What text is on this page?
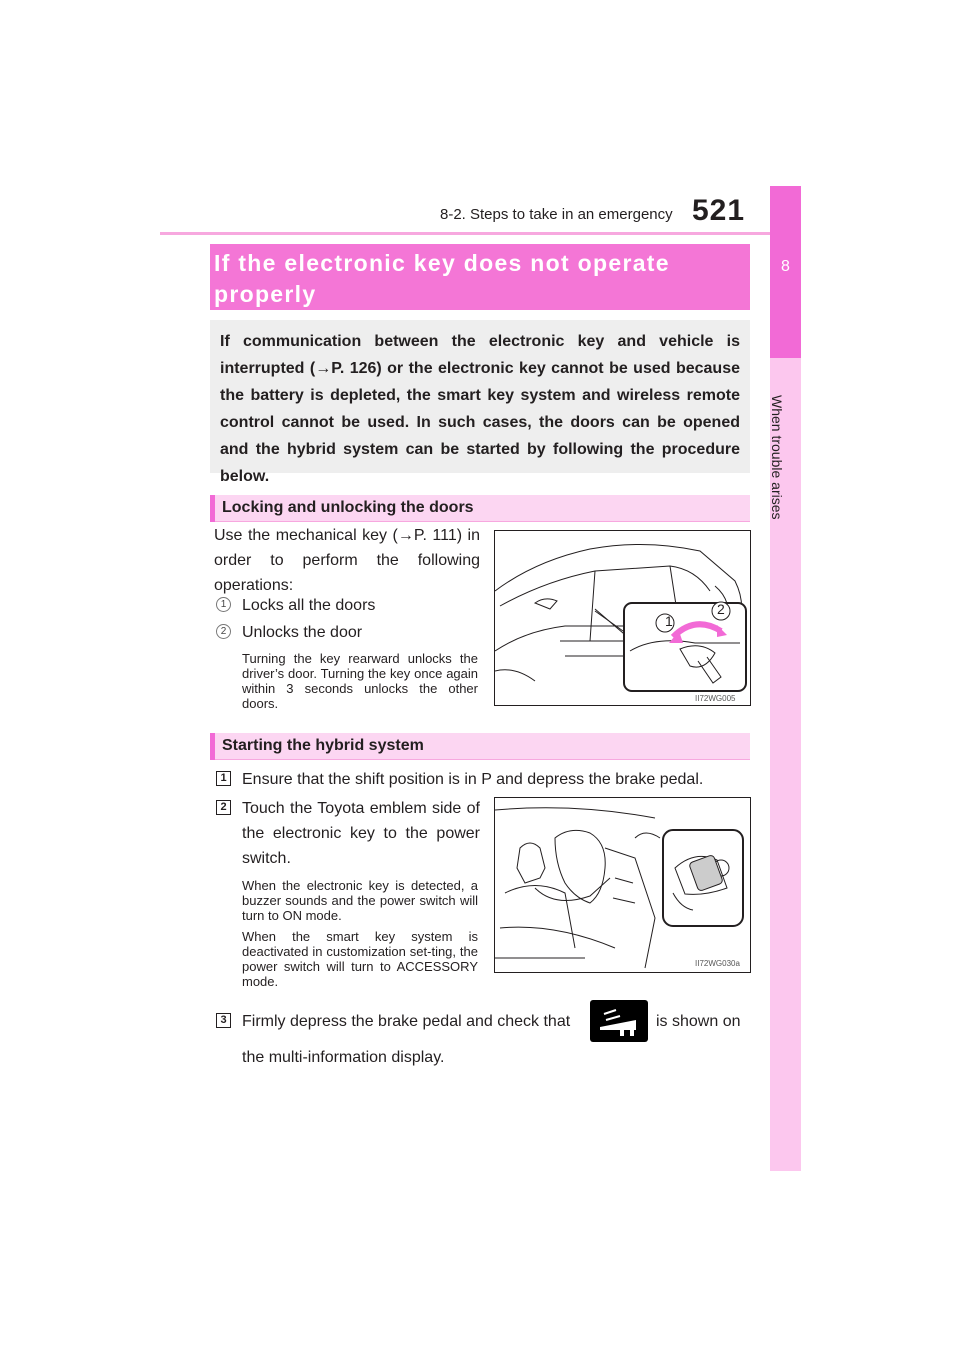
8-2. Steps to take in an emergency 521
8
When trouble arises
If the electronic key does not operate
properly
If communication between the electronic key and vehicle is interrupted (→P. 126) or the electronic key cannot be used because the battery is depleted, the smart key system and wireless remote control cannot be used. In such cases, the doors can be opened and the hybrid system can be started by following the procedure below.
Locking and unlocking the doors
Use the mechanical key (→P. 111) in order to perform the following operations:
1 Locks all the doors
2 Unlocks the door
Turning the key rearward unlocks the driver’s door. Turning the key once again within 3 seconds unlocks the other doors.
1
2
II72WG005
Starting the hybrid system
1 Ensure that the shift position is in P and depress the brake pedal.
2 Touch the Toyota emblem side of the electronic key to the power switch.
When the electronic key is detected, a buzzer sounds and the power switch will turn to ON mode.
When the smart key system is deactivated in customization set-ting, the power switch will turn to ACCESSORY mode.
II72WG030a
3 Firmly depress the brake pedal and check that	is shown on
the multi-information display.
